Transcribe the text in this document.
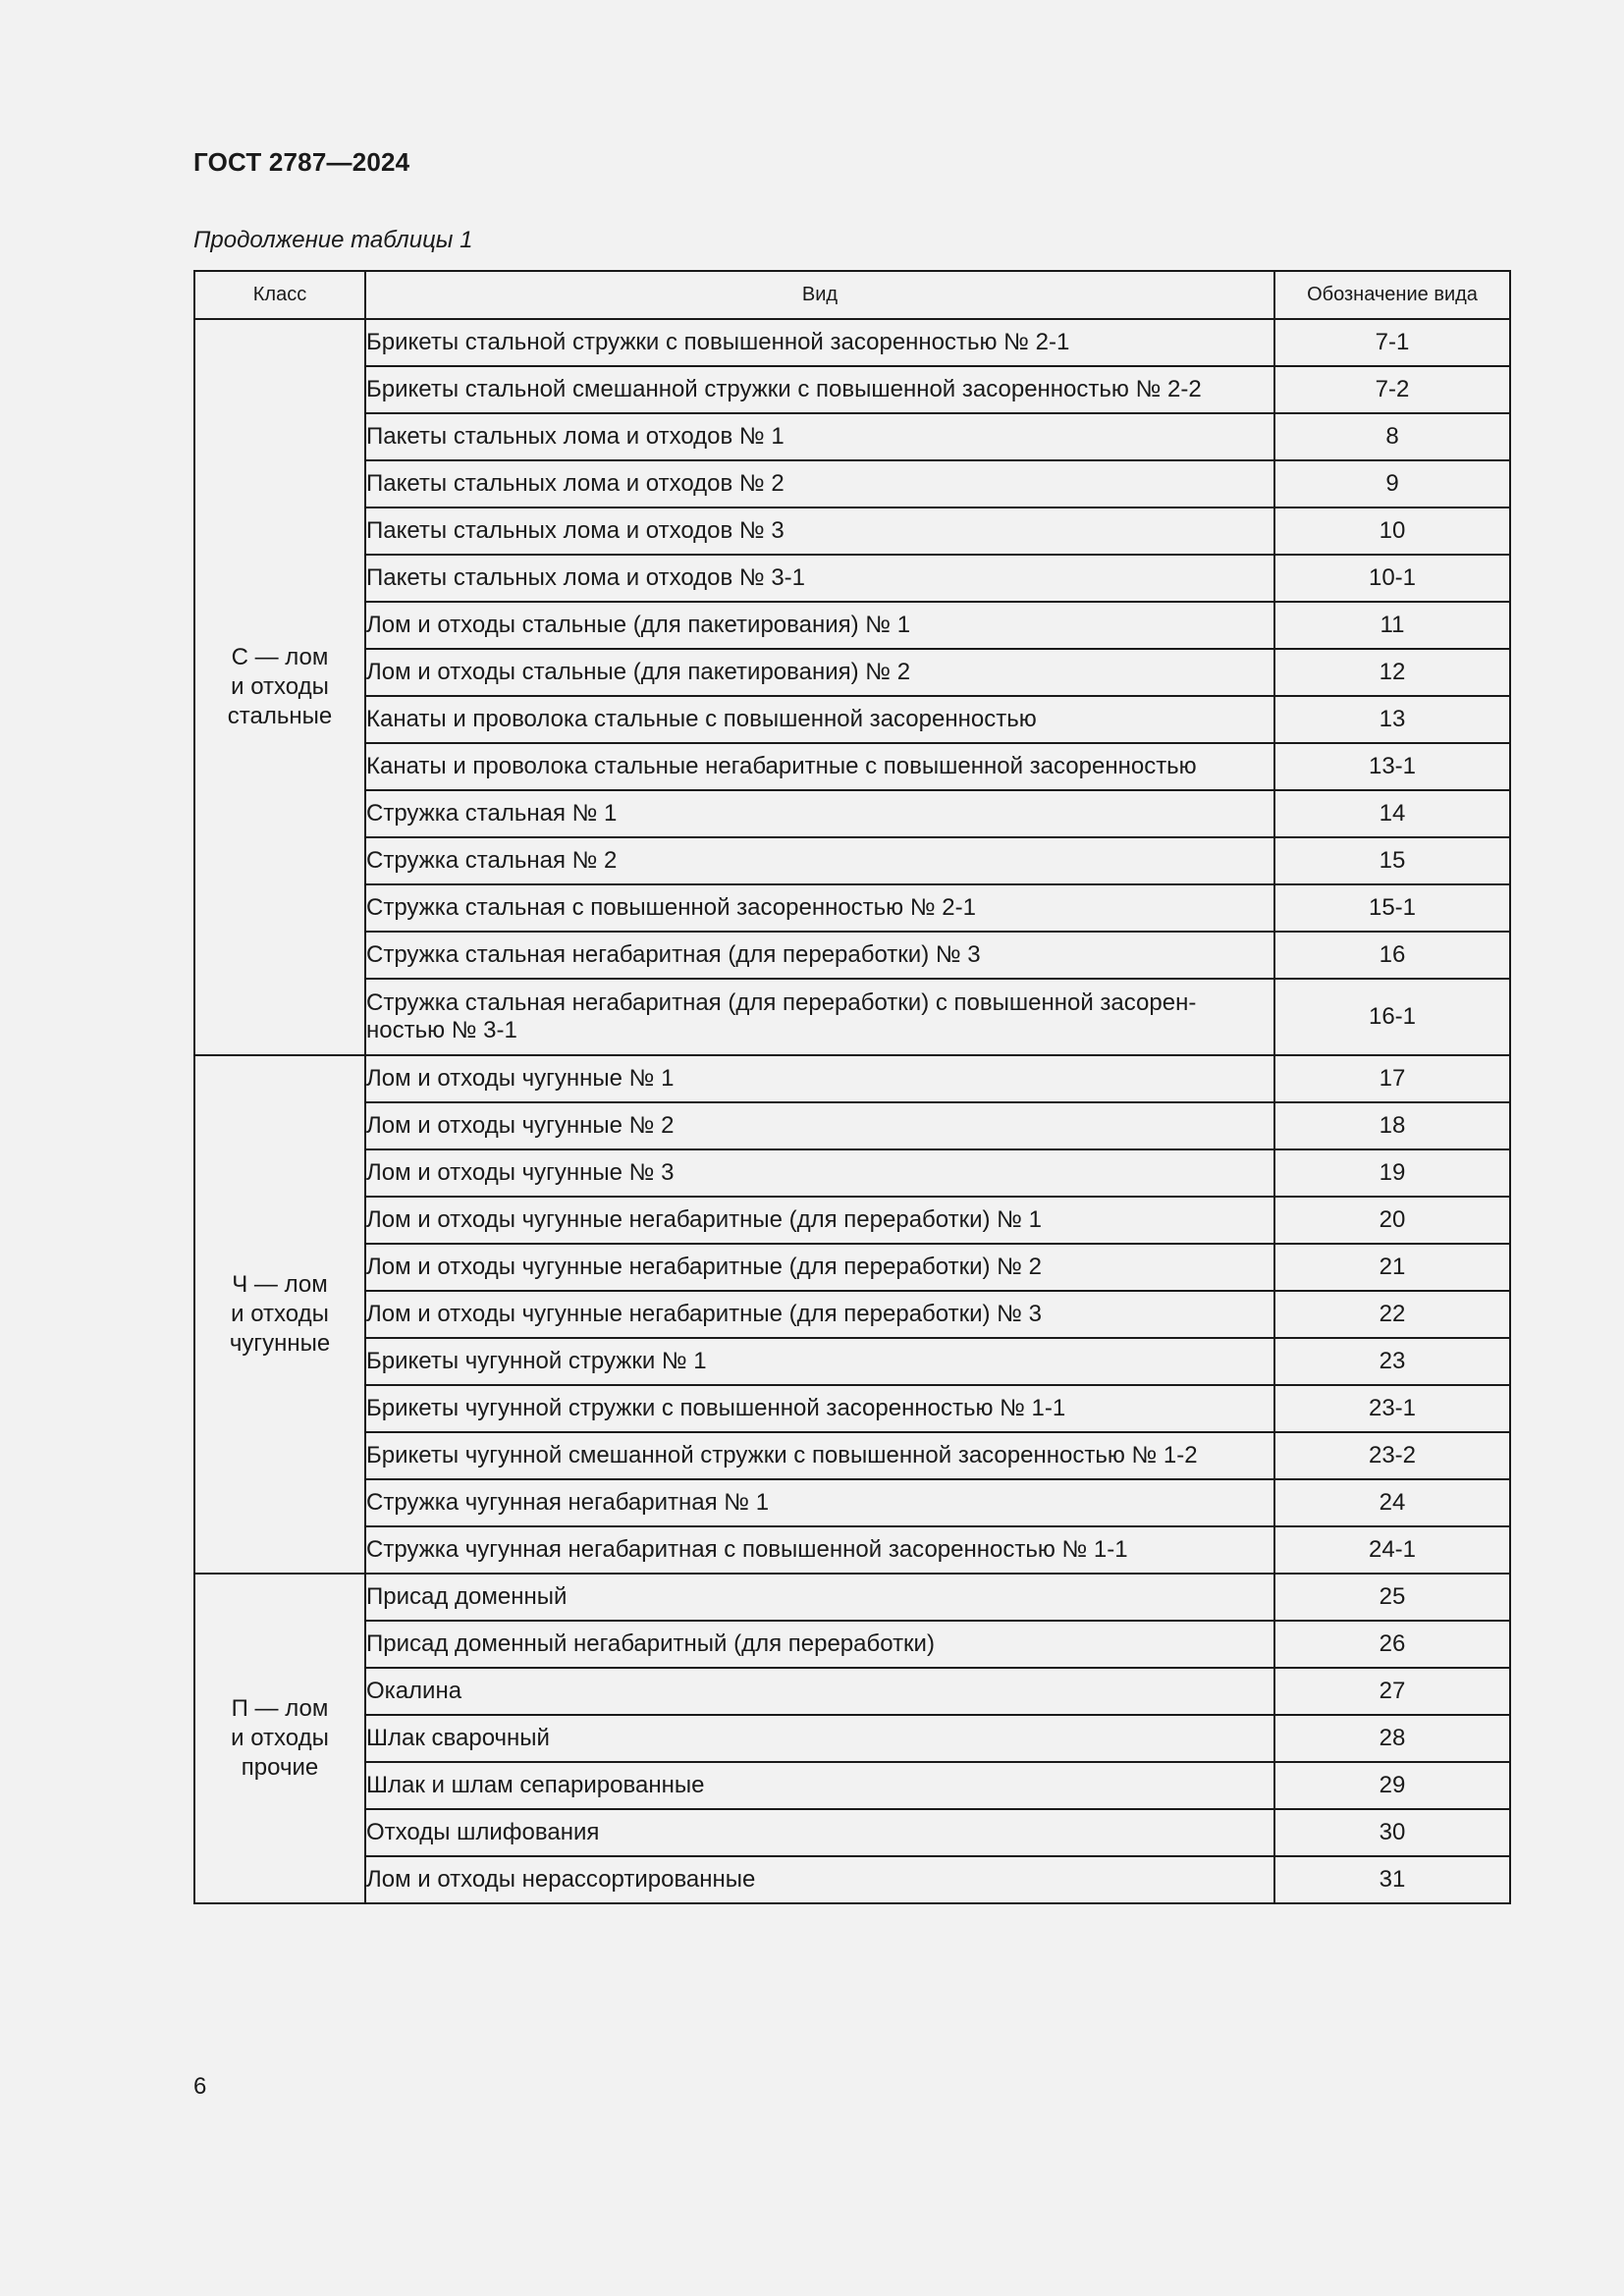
ГОСТ 2787—2024
Продолжение таблицы 1
Класс	Вид	Обозначение вида

С — лом
и отходы
стальные	Брикеты стальной стружки с повышенной засоренностью № 2-1	7-1
	Брикеты стальной смешанной стружки с повышенной засоренностью № 2-2	7-2
	Пакеты стальных лома и отходов № 1	8
	Пакеты стальных лома и отходов № 2	9
	Пакеты стальных лома и отходов № 3	10
	Пакеты стальных лома и отходов № 3-1	10-1
	Лом и отходы стальные (для пакетирования) № 1	11
	Лом и отходы стальные (для пакетирования) № 2	12
	Канаты и проволока стальные с повышенной засоренностью	13
	Канаты и проволока стальные негабаритные с повышенной засоренностью	13-1
	Стружка стальная № 1	14
	Стружка стальная № 2	15
	Стружка стальная с повышенной засоренностью № 2-1	15-1
	Стружка стальная негабаритная (для переработки) № 3	16

	Стружка стальная негабаритная (для переработки) с повышенной засорен-
ностью № 3-1	16-1

Ч — лом
и отходы
чугунные	Лом и отходы чугунные № 1	17
	Лом и отходы чугунные № 2	18
	Лом и отходы чугунные № 3	19
	Лом и отходы чугунные негабаритные (для переработки) № 1	20
	Лом и отходы чугунные негабаритные (для переработки) № 2	21
	Лом и отходы чугунные негабаритные (для переработки) № 3	22
	Брикеты чугунной стружки № 1	23
	Брикеты чугунной стружки с повышенной засоренностью № 1-1	23-1
	Брикеты чугунной смешанной стружки с повышенной засоренностью № 1-2	23-2
	Стружка чугунная негабаритная № 1	24
	Стружка чугунная негабаритная с повышенной засоренностью № 1-1	24-1

П — лом
и отходы
прочие	Присад доменный	25
	Присад доменный негабаритный (для переработки)	26
	Окалина	27
	Шлак сварочный	28
	Шлак и шлам сепарированные	29
	Отходы шлифования	30
	Лом и отходы нерассортированные	31
6
